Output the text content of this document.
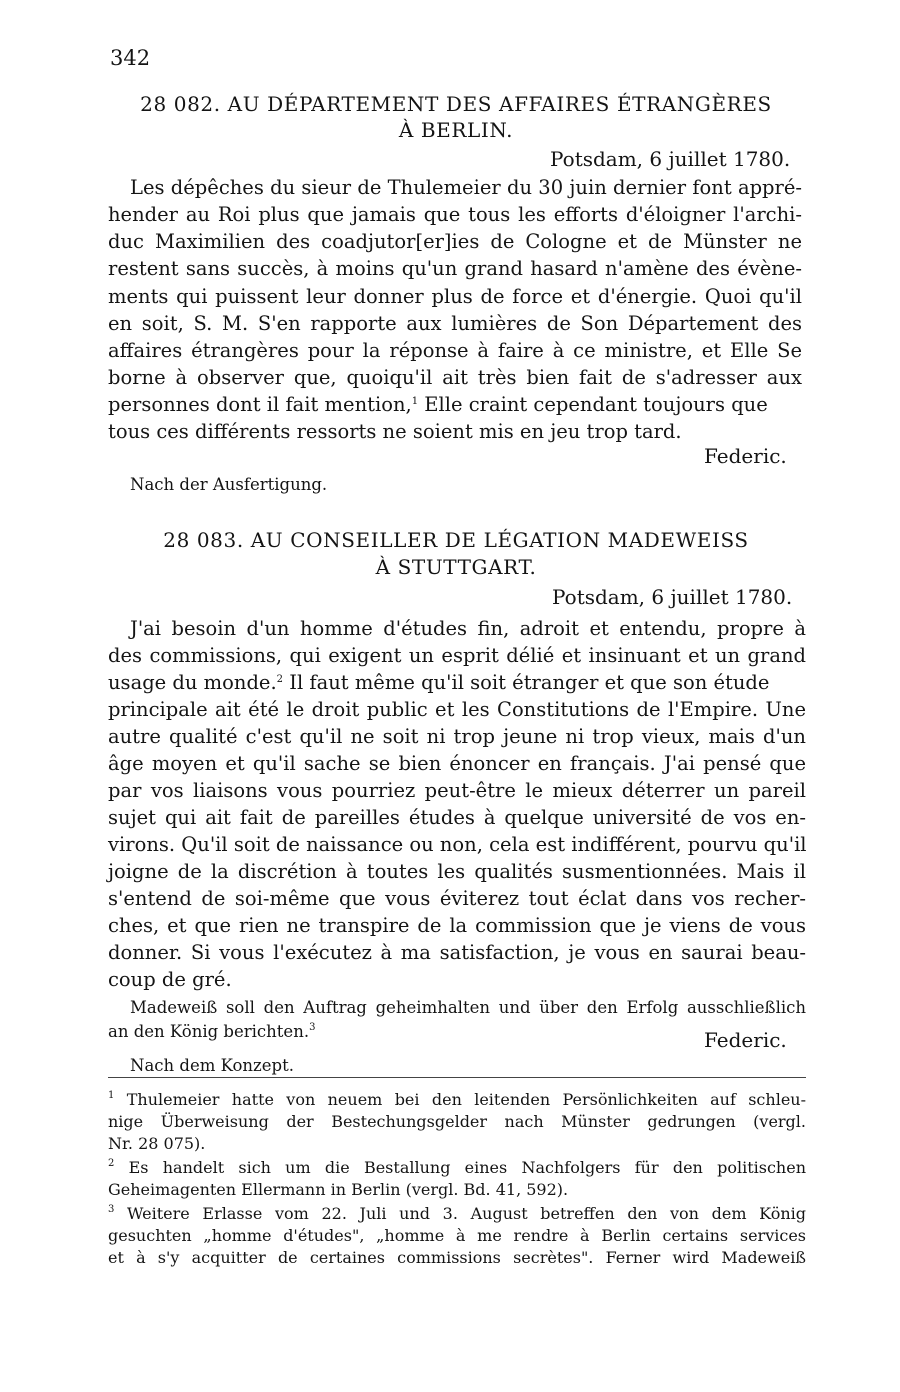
342
28 082. AU DÉPARTEMENT DES AFFAIRES ÉTRANGÈRES
À BERLIN.
Potsdam, 6 juillet 1780.
Les dépêches du sieur de Thulemeier du 30 juin dernier font appré-
hender au Roi plus que jamais que tous les efforts d'éloigner l'archi-
duc Maximilien des coadjutor[er]ies de Cologne et de Münster ne
restent sans succès, à moins qu'un grand hasard n'amène des évène-
ments qui puissent leur donner plus de force et d'énergie. Quoi qu'il
en soit, S. M. S'en rapporte aux lumières de Son Département des
affaires étrangères pour la réponse à faire à ce ministre, et Elle Se
borne à observer que, quoiqu'il ait très bien fait de s'adresser aux
personnes dont il fait mention,$^1$ Elle craint cependant toujours que
tous ces différents ressorts ne soient mis en jeu trop tard.
Federic.
Nach der Ausfertigung.
28 083. AU CONSEILLER DE LÉGATION MADEWEISS
À STUTTGART.
Potsdam, 6 juillet 1780.
J'ai besoin d'un homme d'études fin, adroit et entendu, propre à
des commissions, qui exigent un esprit délié et insinuant et un grand
usage du monde.$^2$ Il faut même qu'il soit étranger et que son étude
principale ait été le droit public et les Constitutions de l'Empire. Une
autre qualité c'est qu'il ne soit ni trop jeune ni trop vieux, mais d'un
âge moyen et qu'il sache se bien énoncer en français. J'ai pensé que
par vos liaisons vous pourriez peut-être le mieux déterrer un pareil
sujet qui ait fait de pareilles études à quelque université de vos en-
virons. Qu'il soit de naissance ou non, cela est indifférent, pourvu qu'il
joigne de la discrétion à toutes les qualités susmentionnées. Mais il
s'entend de soi-même que vous éviterez tout éclat dans vos recher-
ches, et que rien ne transpire de la commission que je viens de vous
donner. Si vous l'exécutez à ma satisfaction, je vous en saurai beau-
coup de gré.
Madeweiß soll den Auftrag geheimhalten und über den Erfolg ausschließlich
an den König berichten.$^3$
Federic.
Nach dem Konzept.
$^1$ Thulemeier hatte von neuem bei den leitenden Persönlichkeiten auf schleu-
nige Überweisung der Bestechungsgelder nach Münster gedrungen (vergl.
Nr. 28 075).
$^2$ Es handelt sich um die Bestallung eines Nachfolgers für den politischen
Geheimagenten Ellermann in Berlin (vergl. Bd. 41, 592).
$^3$ Weitere Erlasse vom 22. Juli und 3. August betreffen den von dem König
gesuchten „homme d'études", „homme à me rendre à Berlin certains services
et à s'y acquitter de certaines commissions secrètes". Ferner wird Madeweiß
